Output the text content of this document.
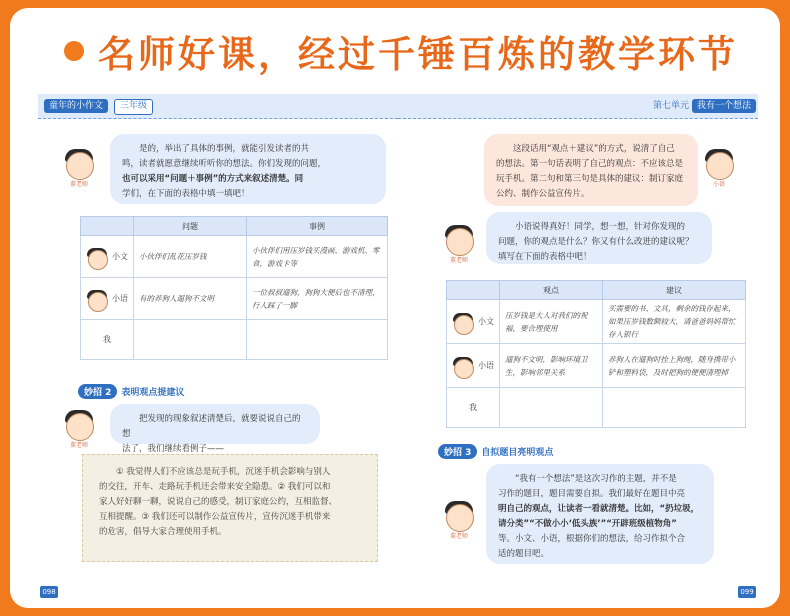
名师好课，经过千锤百炼的教学环节
童年的小作文	三年级
董老师
是的，举出了具体的事例，就能引发读者的共
鸣，读者就愿意继续听听你的想法。你们发现的问题，
也可以采用“问题＋事例”的方式来叙述清楚。同
学们，在下面的表格中填一填吧！
	问题	事例

小文	小伙伴们乱花压岁钱	小伙伴们用压岁钱买漫画、游戏机、零食，游戏卡等

小语	有的养狗人遛狗不文明	一位叔叔遛狗，狗狗大便后也不清理，行人踩了一脚
我		
妙招 2	表明观点提建议
董老师
把发现的现象叙述清楚后，就要说说自己的想
法了，我们继续看例子——
① 我觉得人们不应该总是玩手机，沉迷手机会影响与别人
的交往，开车、走路玩手机还会带来安全隐患。② 我们可以和
家人好好聊一聊，说说自己的感受，制订家庭公约，互相监督、
互相提醒。③ 我们还可以制作公益宣传片，宣传沉迷手机带来
的危害，倡导大家合理使用手机。
098
第七单元 我有一个想法
这段话用“观点＋建议”的方式，说清了自己
的想法。第一句话表明了自己的观点：不应该总是
玩手机。第二句和第三句是具体的建议：制订家庭
公约、制作公益宣传片。
小语
董老师
小语说得真好！同学，想一想，针对你发现的
问题，你的观点是什么？你又有什么改进的建议呢？
填写在下面的表格中吧！
	观点	建议

小文	压岁钱是大人对我们的祝福，要合理使用	买需要的书、文具，剩余的钱存起来，如果压岁钱数额较大，请爸爸妈妈帮忙存入银行

小语	遛狗不文明，影响环境卫生，影响邻里关系	养狗人在遛狗时拴上狗绳，随身携带小铲和塑料袋，及时把狗的便便清理掉
我		
妙招 3	自拟题目亮明观点
董老师
“我有一个想法”是这次习作的主题，并不是
习作的题目，题目需要自拟。我们最好在题目中亮
明自己的观点，让读者一看就清楚。比如，“扔垃圾，
请分类”“不做小小‘低头族’”“开辟班级植物角”
等。小文、小语，根据你们的想法，给习作拟个合
适的题目吧。
099
